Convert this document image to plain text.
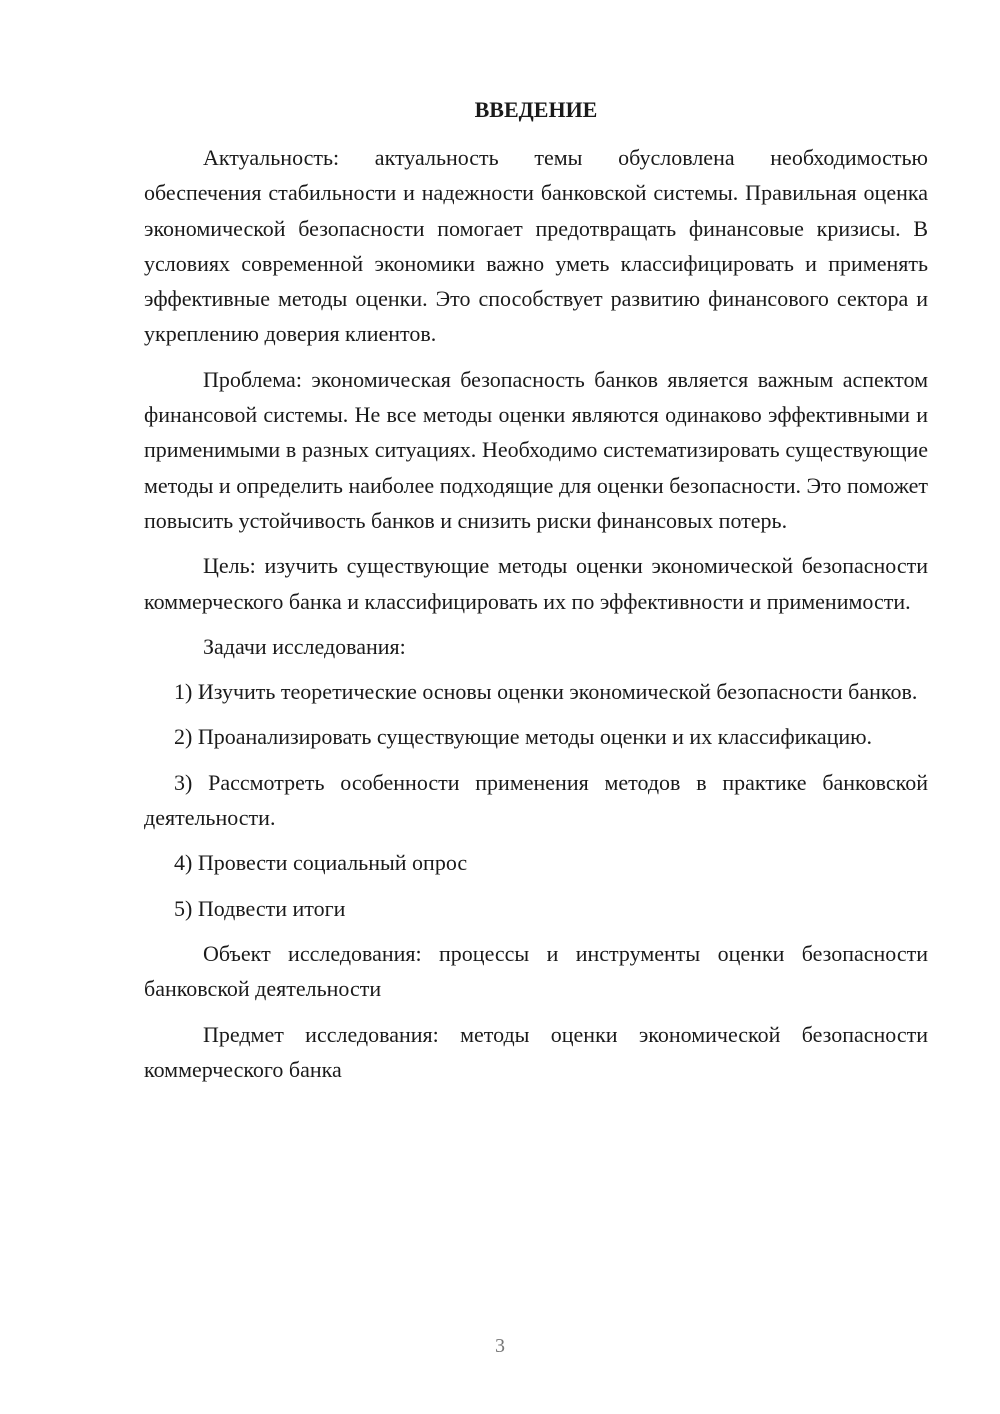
ВВЕДЕНИЕ

Актуальность: актуальность темы обусловлена необходимостью обеспечения стабильности и надежности банковской системы. Правильная оценка экономической безопасности помогает предотвращать финансовые кризисы. В условиях современной экономики важно уметь классифицировать и применять эффективные методы оценки. Это способствует развитию финансового сектора и укреплению доверия клиентов.

Проблема: экономическая безопасность банков является важным аспектом финансовой системы. Не все методы оценки являются одинаково эффективными и применимыми в разных ситуациях. Необходимо систематизировать существующие методы и определить наиболее подходящие для оценки безопасности. Это поможет повысить устойчивость банков и снизить риски финансовых потерь.

Цель: изучить существующие методы оценки экономической безопасности коммерческого банка и классифицировать их по эффективности и применимости.

Задачи исследования:

1) Изучить теоретические основы оценки экономической безопасности банков.

2) Проанализировать существующие методы оценки и их классификацию.

3) Рассмотреть особенности применения методов в практике банковской деятельности.

4) Провести социальный опрос

5) Подвести итоги

Объект исследования: процессы и инструменты оценки безопасности банковской деятельности

Предмет исследования: методы оценки экономической безопасности коммерческого банка

3
